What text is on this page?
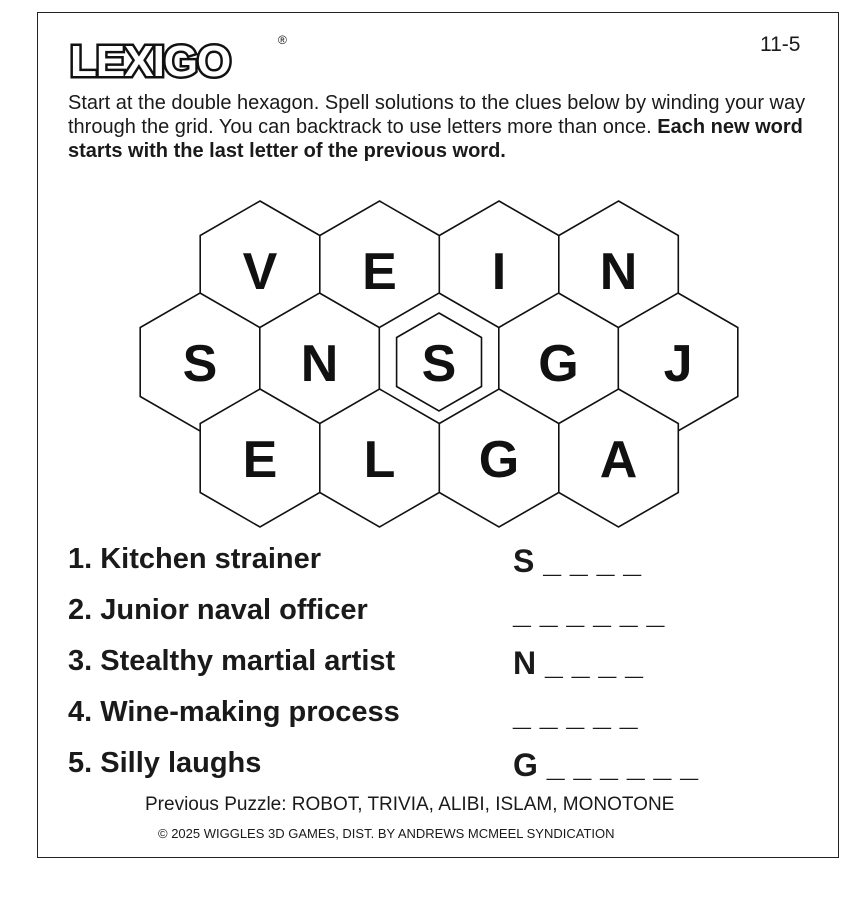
LEXIGO	®	11-5
Start at the double hexagon. Spell solutions to the clues below by winding your way through the grid. You can backtrack to use letters more than once. Each new word starts with the last letter of the previous word.
V E I N
S N S G J
E L G A
1. Kitchen strainer	S _ _ _ _
2. Junior naval officer	_ _ _ _ _ _
3. Stealthy martial artist	N _ _ _ _
4. Wine-making process	_ _ _ _ _
5. Silly laughs	G _ _ _ _ _ _
Previous Puzzle: ROBOT, TRIVIA, ALIBI, ISLAM, MONOTONE
© 2025 WIGGLES 3D GAMES, DIST. BY ANDREWS MCMEEL SYNDICATION
